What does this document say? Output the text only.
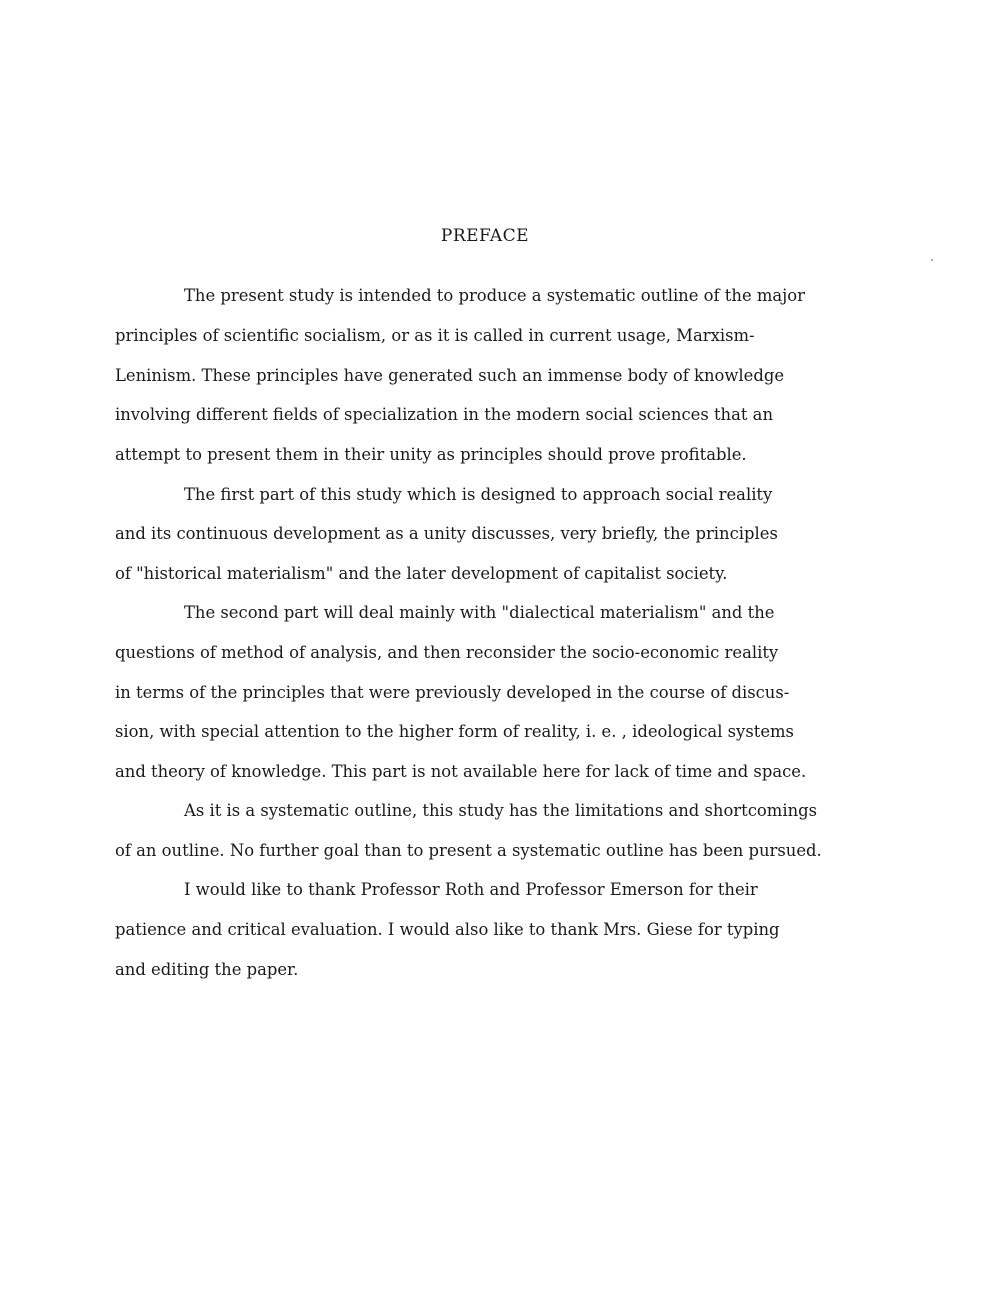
PREFACE

The present study is intended to produce a systematic outline of the major

principles of scientific socialism, or as it is called in current usage, Marxism-

Leninism. These principles have generated such an immense body of knowledge

involving different fields of specialization in the modern social sciences that an

attempt to present them in their unity as principles should prove profitable.

The first part of this study which is designed to approach social reality

and its continuous development as a unity discusses, very briefly, the principles

of "historical materialism" and the later development of capitalist society.

The second part will deal mainly with "dialectical materialism" and the

questions of method of analysis, and then reconsider the socio-economic reality

in terms of the principles that were previously developed in the course of discus-

sion, with special attention to the higher form of reality, i. e. , ideological systems

and theory of knowledge. This part is not available here for lack of time and space.

As it is a systematic outline, this study has the limitations and shortcomings

of an outline. No further goal than to present a systematic outline has been pursued.

I would like to thank Professor Roth and Professor Emerson for their

patience and critical evaluation. I would also like to thank Mrs. Giese for typing

and editing the paper.
